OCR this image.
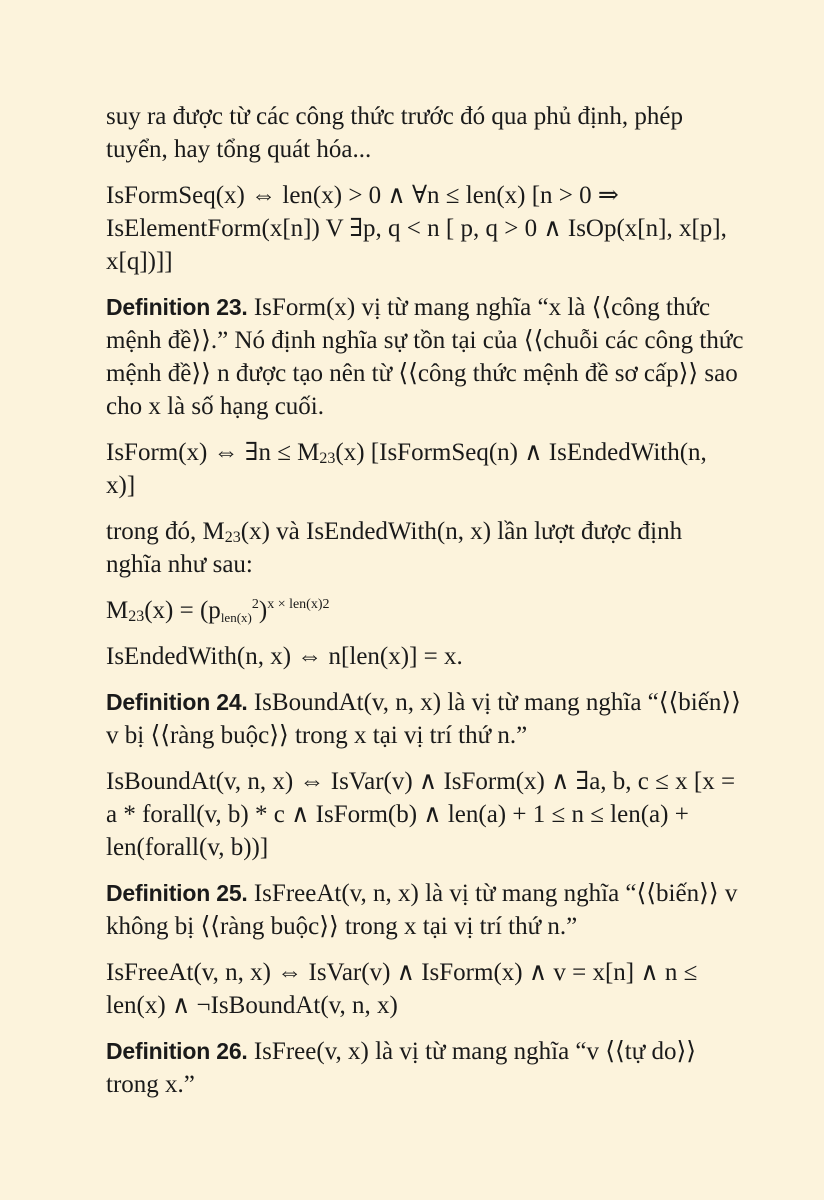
suy ra được từ các công thức trước đó qua phủ định, phép
tuyển, hay tổng quát hóa...

IsFormSeq(x) ⇔ len(x) > 0 ∧ ∀n ≤ len(x) [n > 0 ⇒
IsElementForm(x[n]) V ∃p, q < n [ p, q > 0 ∧ IsOp(x[n], x[p],
x[q])]]

Definition 23. IsForm(x) vị từ mang nghĩa “x là ⟨⟨công thức
mệnh đề⟩⟩.” Nó định nghĩa sự tồn tại của ⟨⟨chuỗi các công thức
mệnh đề⟩⟩ n được tạo nên từ ⟨⟨công thức mệnh đề sơ cấp⟩⟩ sao
cho x là số hạng cuối.

IsForm(x) ⇔ ∃n ≤ $M_{23}(x)$ [IsFormSeq(n) ∧ IsEndedWith(n,
x)]

trong đó, $M_{23}(x)$ và IsEndedWith(n, x) lần lượt được định
nghĩa như sau:

$M_{23}(x)$ = $(plen(x)^2)^{x \times len(x)2}$

IsEndedWith(n, x) ⇔ n[len(x)] = x.

Definition 24. IsBoundAt(v, n, x) là vị từ mang nghĩa “⟨⟨biến⟩⟩
v bị ⟨⟨ràng buộc⟩⟩ trong x tại vị trí thứ n.”

IsBoundAt(v, n, x) ⇔ IsVar(v) ∧ IsForm(x) ∧ ∃a, b, c ≤ x [x =
a * forall(v, b) * c ∧ IsForm(b) ∧ len(a) + 1 ≤ n ≤ len(a) +
len(forall(v, b))]

Definition 25. IsFreeAt(v, n, x) là vị từ mang nghĩa “⟨⟨biến⟩⟩ v
không bị ⟨⟨ràng buộc⟩⟩ trong x tại vị trí thứ n.”

IsFreeAt(v, n, x) ⇔ IsVar(v) ∧ IsForm(x) ∧ v = x[n] ∧ n ≤
len(x) ∧ ¬IsBoundAt(v, n, x)

Definition 26. IsFree(v, x) là vị từ mang nghĩa “v ⟨⟨tự do⟩⟩
trong x.”
